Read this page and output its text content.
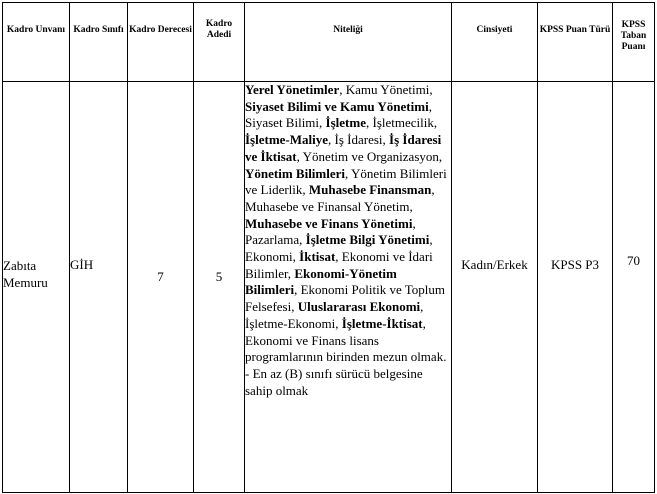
Kadro Unvanı	Kadro Sınıfı	Kadro Derecesi	Kadro Adedi	Niteliği	Cinsiyeti	KPSS Puan Türü	KPSS Taban Puanı

Zabıta Memuru	GİH	7	5	Yerel Yönetimler, Kamu Yönetimi, Siyaset Bilimi ve Kamu Yönetimi, Siyaset Bilimi, İşletme, İşletmecilik, İşletme-Maliye, İş İdaresi, İş İdaresi ve İktisat, Yönetim ve Organizasyon, Yönetim Bilimleri, Yönetim Bilimleri ve Liderlik, Muhasebe Finansman, Muhasebe ve Finansal Yönetim, Muhasebe ve Finans Yönetimi, Pazarlama, İşletme Bilgi Yönetimi, Ekonomi, İktisat, Ekonomi ve İdari Bilimler, Ekonomi-Yönetim Bilimleri, Ekonomi Politik ve Toplum Felsefesi, Uluslararası Ekonomi, İşletme-Ekonomi, İşletme-İktisat, Ekonomi ve Finans lisans programlarının birinden mezun olmak.
- En az (B) sınıfı sürücü belgesine sahip olmak	Kadın/Erkek	KPSS P3	70
